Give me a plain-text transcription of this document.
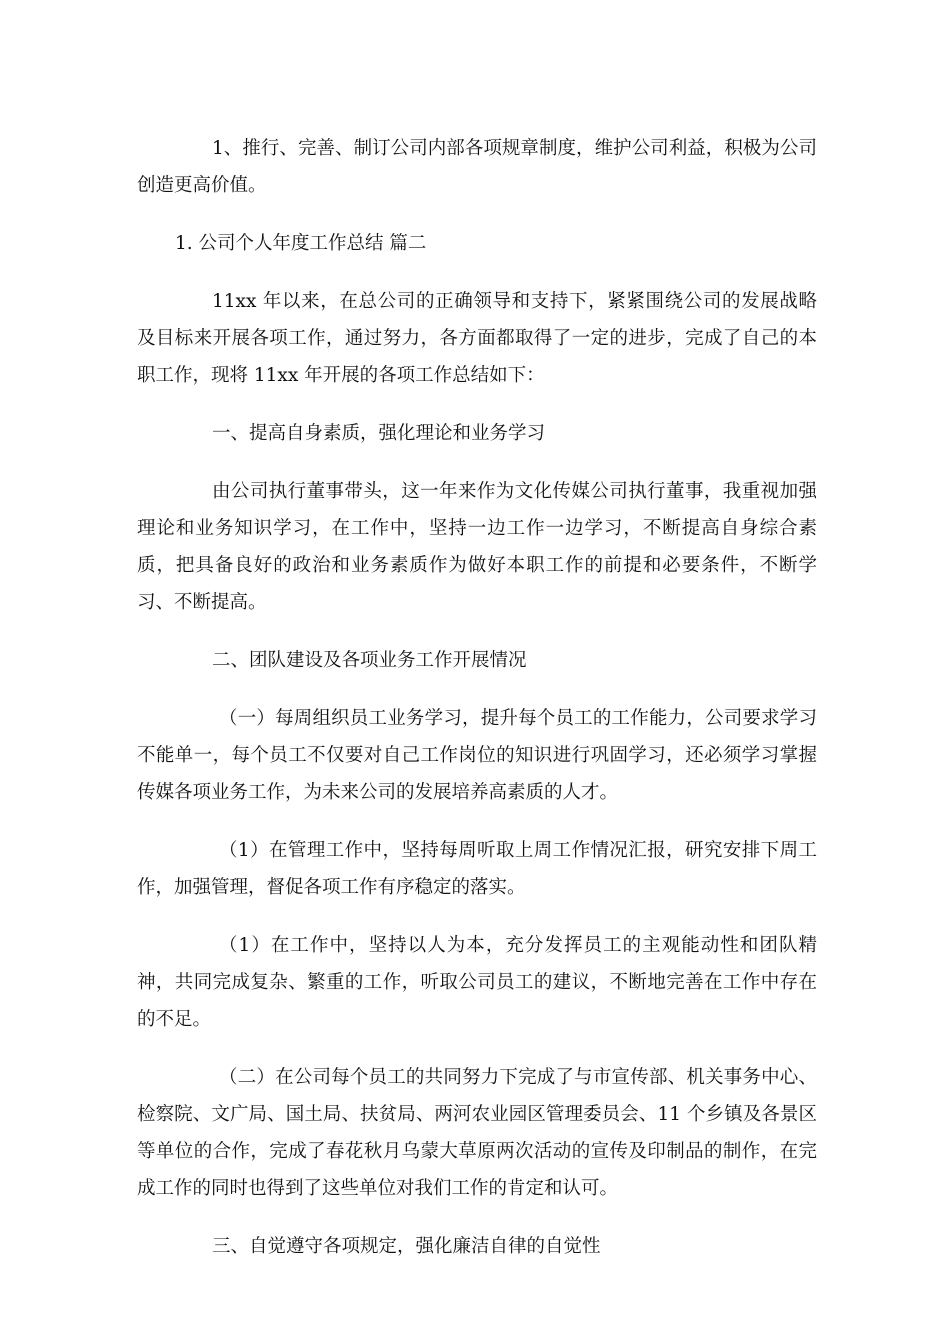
1、推行、完善、制订公司内部各项规章制度，维护公司利益，积极为公司创造更高价值。

1. 公司个人年度工作总结 篇二

11xx 年以来，在总公司的正确领导和支持下，紧紧围绕公司的发展战略及目标来开展各项工作，通过努力，各方面都取得了一定的进步，完成了自己的本职工作，现将 11xx 年开展的各项工作总结如下：

一、提高自身素质，强化理论和业务学习

由公司执行董事带头，这一年来作为文化传媒公司执行董事，我重视加强理论和业务知识学习，在工作中，坚持一边工作一边学习，不断提高自身综合素质，把具备良好的政治和业务素质作为做好本职工作的前提和必要条件，不断学习、不断提高。

二、团队建设及各项业务工作开展情况

（一）每周组织员工业务学习，提升每个员工的工作能力，公司要求学习不能单一，每个员工不仅要对自己工作岗位的知识进行巩固学习，还必须学习掌握传媒各项业务工作，为未来公司的发展培养高素质的人才。

（1）在管理工作中，坚持每周听取上周工作情况汇报，研究安排下周工作，加强管理，督促各项工作有序稳定的落实。

（1）在工作中，坚持以人为本，充分发挥员工的主观能动性和团队精神，共同完成复杂、繁重的工作，听取公司员工的建议，不断地完善在工作中存在的不足。

（二）在公司每个员工的共同努力下完成了与市宣传部、机关事务中心、检察院、文广局、国土局、扶贫局、两河农业园区管理委员会、11 个乡镇及各景区等单位的合作，完成了春花秋月乌蒙大草原两次活动的宣传及印制品的制作，在完成工作的同时也得到了这些单位对我们工作的肯定和认可。

三、自觉遵守各项规定，强化廉洁自律的自觉性
